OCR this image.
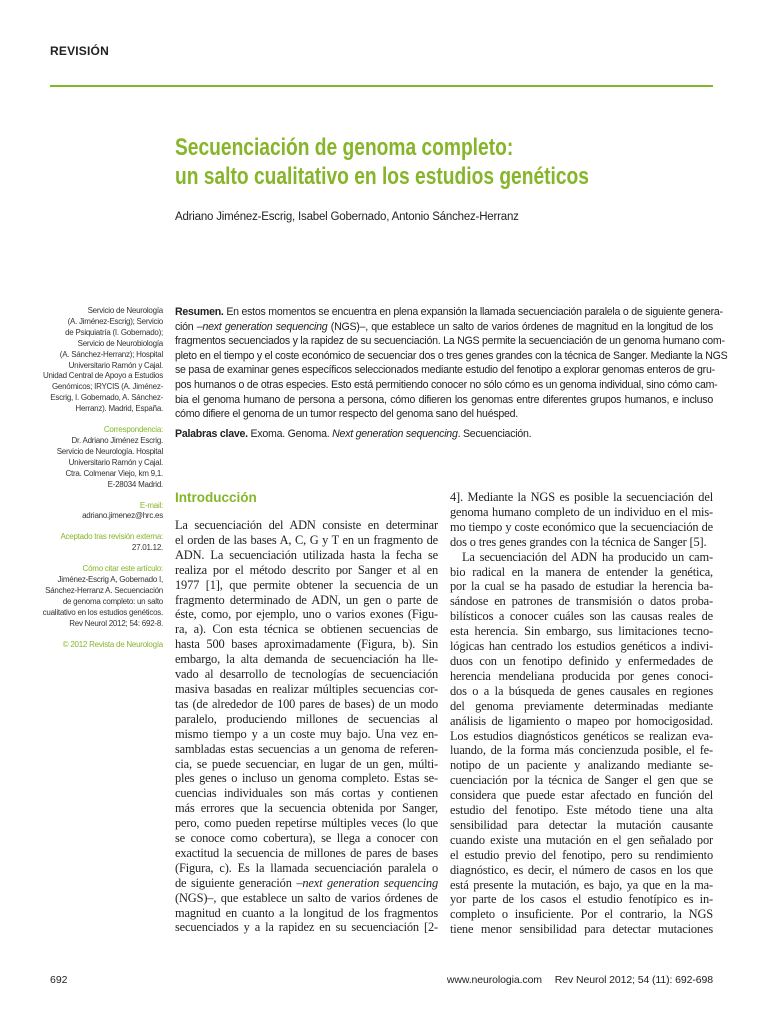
REVISIÓN
Secuenciación de genoma completo:
un salto cualitativo en los estudios genéticos
Adriano Jiménez-Escrig, Isabel Gobernado, Antonio Sánchez-Herranz
Servicio de Neurología
(A. Jiménez-Escrig); Servicio
de Psiquiatría (I. Gobernado);
Servicio de Neurobiología
(A. Sánchez-Herranz); Hospital
Universitario Ramón y Cajal.
Unidad Central de Apoyo a Estudios
Genómicos; IRYCIS (A. Jiménez-
Escrig, I. Gobernado, A. Sánchez-
Herranz). Madrid, España.
Correspondencia:
Dr. Adriano Jiménez Escrig.
Servicio de Neurología. Hospital
Universitario Ramón y Cajal.
Ctra. Colmenar Viejo, km 9,1.
E-28034 Madrid.
E-mail:
adriano.jimenez@hrc.es
Aceptado tras revisión externa:
27.01.12.
Cómo citar este artículo:
Jiménez-Escrig A, Gobernado I,
Sánchez-Herranz A. Secuenciación
de genoma completo: un salto
cualitativo en los estudios genéticos.
Rev Neurol 2012; 54: 692-8.
© 2012 Revista de Neurología
Resumen. En estos momentos se encuentra en plena expansión la llamada secuenciación paralela o de siguiente genera-
ción –next generation sequencing (NGS)–, que establece un salto de varios órdenes de magnitud en la longitud de los
fragmentos secuenciados y la rapidez de su secuenciación. La NGS permite la secuenciación de un genoma humano com-
pleto en el tiempo y el coste económico de secuenciar dos o tres genes grandes con la técnica de Sanger. Mediante la NGS
se pasa de examinar genes específicos seleccionados mediante estudio del fenotipo a explorar genomas enteros de gru-
pos humanos o de otras especies. Esto está permitiendo conocer no sólo cómo es un genoma individual, sino cómo cam-
bia el genoma humano de persona a persona, cómo difieren los genomas entre diferentes grupos humanos, e incluso
cómo difiere el genoma de un tumor respecto del genoma sano del huésped.
Palabras clave. Exoma. Genoma. Next generation sequencing. Secuenciación.
Introducción
La secuenciación del ADN consiste en determinar
el orden de las bases A, C, G y T en un fragmento de
ADN. La secuenciación utilizada hasta la fecha se
realiza por el método descrito por Sanger et al en
1977 [1], que permite obtener la secuencia de un
fragmento determinado de ADN, un gen o parte de
éste, como, por ejemplo, uno o varios exones (Figu-
ra, a). Con esta técnica se obtienen secuencias de
hasta 500 bases aproximadamente (Figura, b). Sin
embargo, la alta demanda de secuenciación ha lle-
vado al desarrollo de tecnologías de secuenciación
masiva basadas en realizar múltiples secuencias cor-
tas (de alrededor de 100 pares de bases) de un modo
paralelo, produciendo millones de secuencias al
mismo tiempo y a un coste muy bajo. Una vez en-
sambladas estas secuencias a un genoma de referen-
cia, se puede secuenciar, en lugar de un gen, múlti-
ples genes o incluso un genoma completo. Estas se-
cuencias individuales son más cortas y contienen
más errores que la secuencia obtenida por Sanger,
pero, como pueden repetirse múltiples veces (lo que
se conoce como cobertura), se llega a conocer con
exactitud la secuencia de millones de pares de bases
(Figura, c). Es la llamada secuenciación paralela o
de siguiente generación –next generation sequencing
(NGS)–, que establece un salto de varios órdenes de
magnitud en cuanto a la longitud de los fragmentos
secuenciados y a la rapidez en su secuenciación [2-
4]. Mediante la NGS es posible la secuenciación del
genoma humano completo de un individuo en el mis-
mo tiempo y coste económico que la secuenciación de
dos o tres genes grandes con la técnica de Sanger [5].
La secuenciación del ADN ha producido un cam-
bio radical en la manera de entender la genética,
por la cual se ha pasado de estudiar la herencia ba-
sándose en patrones de transmisión o datos proba-
bilísticos a conocer cuáles son las causas reales de
esta herencia. Sin embargo, sus limitaciones tecno-
lógicas han centrado los estudios genéticos a indivi-
duos con un fenotipo definido y enfermedades de
herencia mendeliana producida por genes conoci-
dos o a la búsqueda de genes causales en regiones
del genoma previamente determinadas mediante
análisis de ligamiento o mapeo por homocigosidad.
Los estudios diagnósticos genéticos se realizan eva-
luando, de la forma más concienzuda posible, el fe-
notipo de un paciente y analizando mediante se-
cuenciación por la técnica de Sanger el gen que se
considera que puede estar afectado en función del
estudio del fenotipo. Este método tiene una alta
sensibilidad para detectar la mutación causante
cuando existe una mutación en el gen señalado por
el estudio previo del fenotipo, pero su rendimiento
diagnóstico, es decir, el número de casos en los que
está presente la mutación, es bajo, ya que en la ma-
yor parte de los casos el estudio fenotípico es in-
completo o insuficiente. Por el contrario, la NGS
tiene menor sensibilidad para detectar mutaciones
692	www.neurologia.com Rev Neurol 2012; 54 (11): 692-698
